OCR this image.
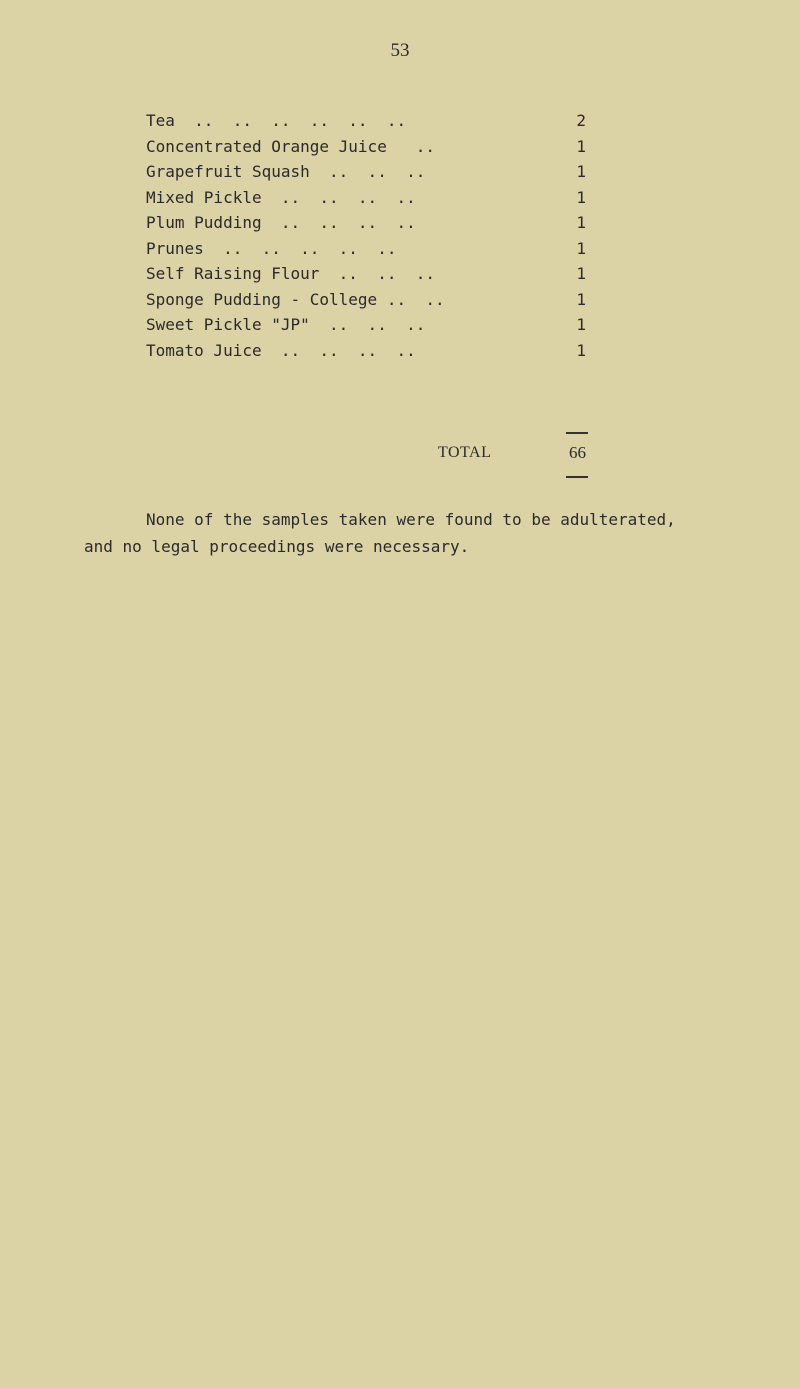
53
Tea  ..  ..  ..  ..  ..  ..	2
Concentrated Orange Juice   ..	1
Grapefruit Squash  ..  ..  ..	1
Mixed Pickle  ..  ..  ..  ..	1
Plum Pudding  ..  ..  ..  ..	1
Prunes  ..  ..  ..  ..  ..	1
Self Raising Flour  ..  ..  ..	1
Sponge Pudding - College ..  ..	1
Sweet Pickle "JP"  ..  ..  ..	1
Tomato Juice  ..  ..  ..  ..	1
TOTAL	66
None of the samples taken were found to be adulterated,
and no legal proceedings were necessary.
